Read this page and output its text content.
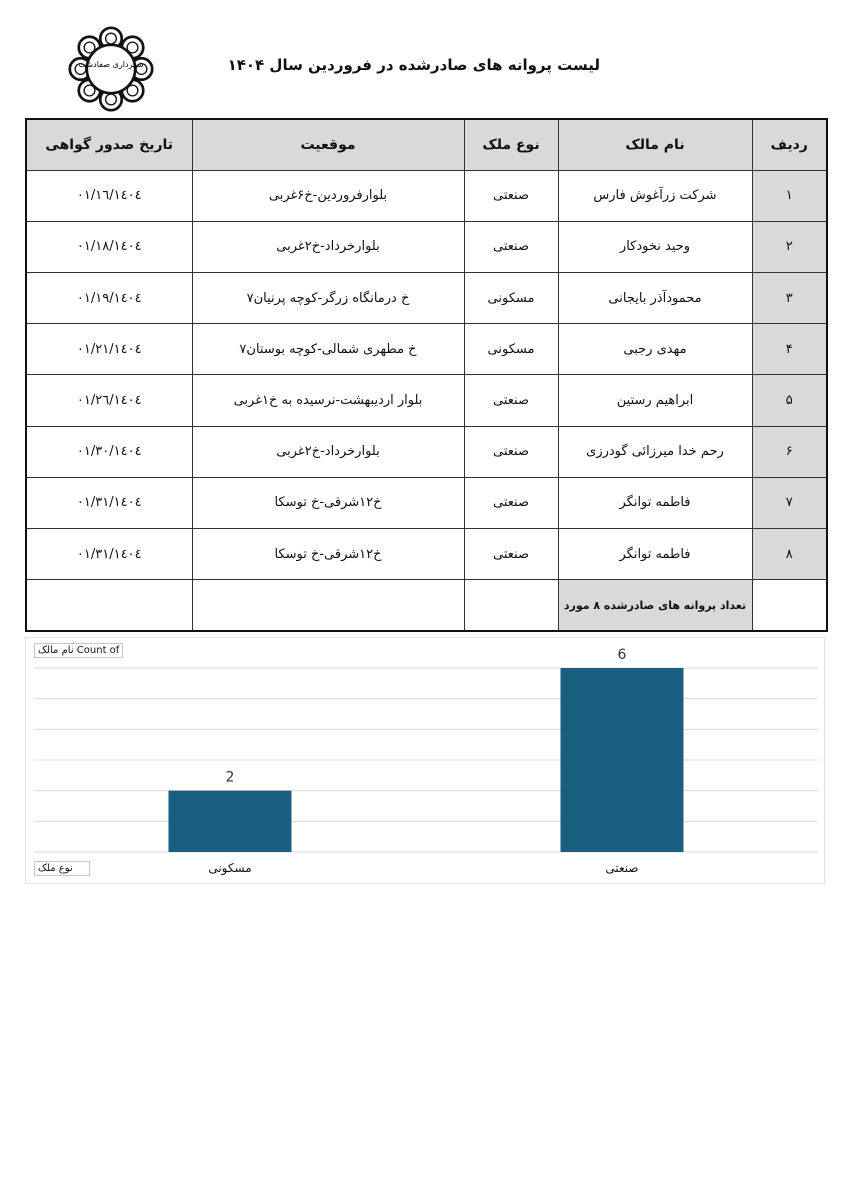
شهرداری صفادشت	لیست پروانه های صادرشده در فروردین سال ۱۴۰۴
ردیف	نام مالک	نوع ملک	موقعیت	تاریخ صدور گواهی
۱	شرکت زرآغوش فارس	صنعتی	بلوارفروردین-خ۶غربی	۱٤۰٤/۰۱/۱٦
۲	وحید نخودکار	صنعتی	بلوارخرداد-خ۲غربی	۱٤۰٤/۰۱/۱۸
۳	محمودآذر بایجانی	مسکونی	خ درمانگاه زرگر-کوچه پرنیان۷	۱٤۰٤/۰۱/۱۹
۴	مهدی رجبی	مسکونی	خ مطهری شمالی-کوچه بوستان۷	۱٤۰٤/۰۱/۲۱
۵	ابراهیم رستین	صنعتی	بلوار اردیبهشت-نرسیده به خ۱غربی	۱٤۰٤/۰۱/۲٦
۶	رحم خدا میرزائی گودرزی	صنعتی	بلوارخرداد-خ۲غربی	۱٤۰٤/۰۱/۳۰
۷	فاطمه توانگر	صنعتی	خ۱۲شرقی-خ توسکا	۱٤۰٤/۰۱/۳۱
۸	فاطمه توانگر	صنعتی	خ۱۲شرقی-خ توسکا	۱٤۰٤/۰۱/۳۱
	تعداد پروانه های صادرشده ۸ مورد			
2
مسکونی
6
صنعتی
نام مالک Count of
نوع ملک
